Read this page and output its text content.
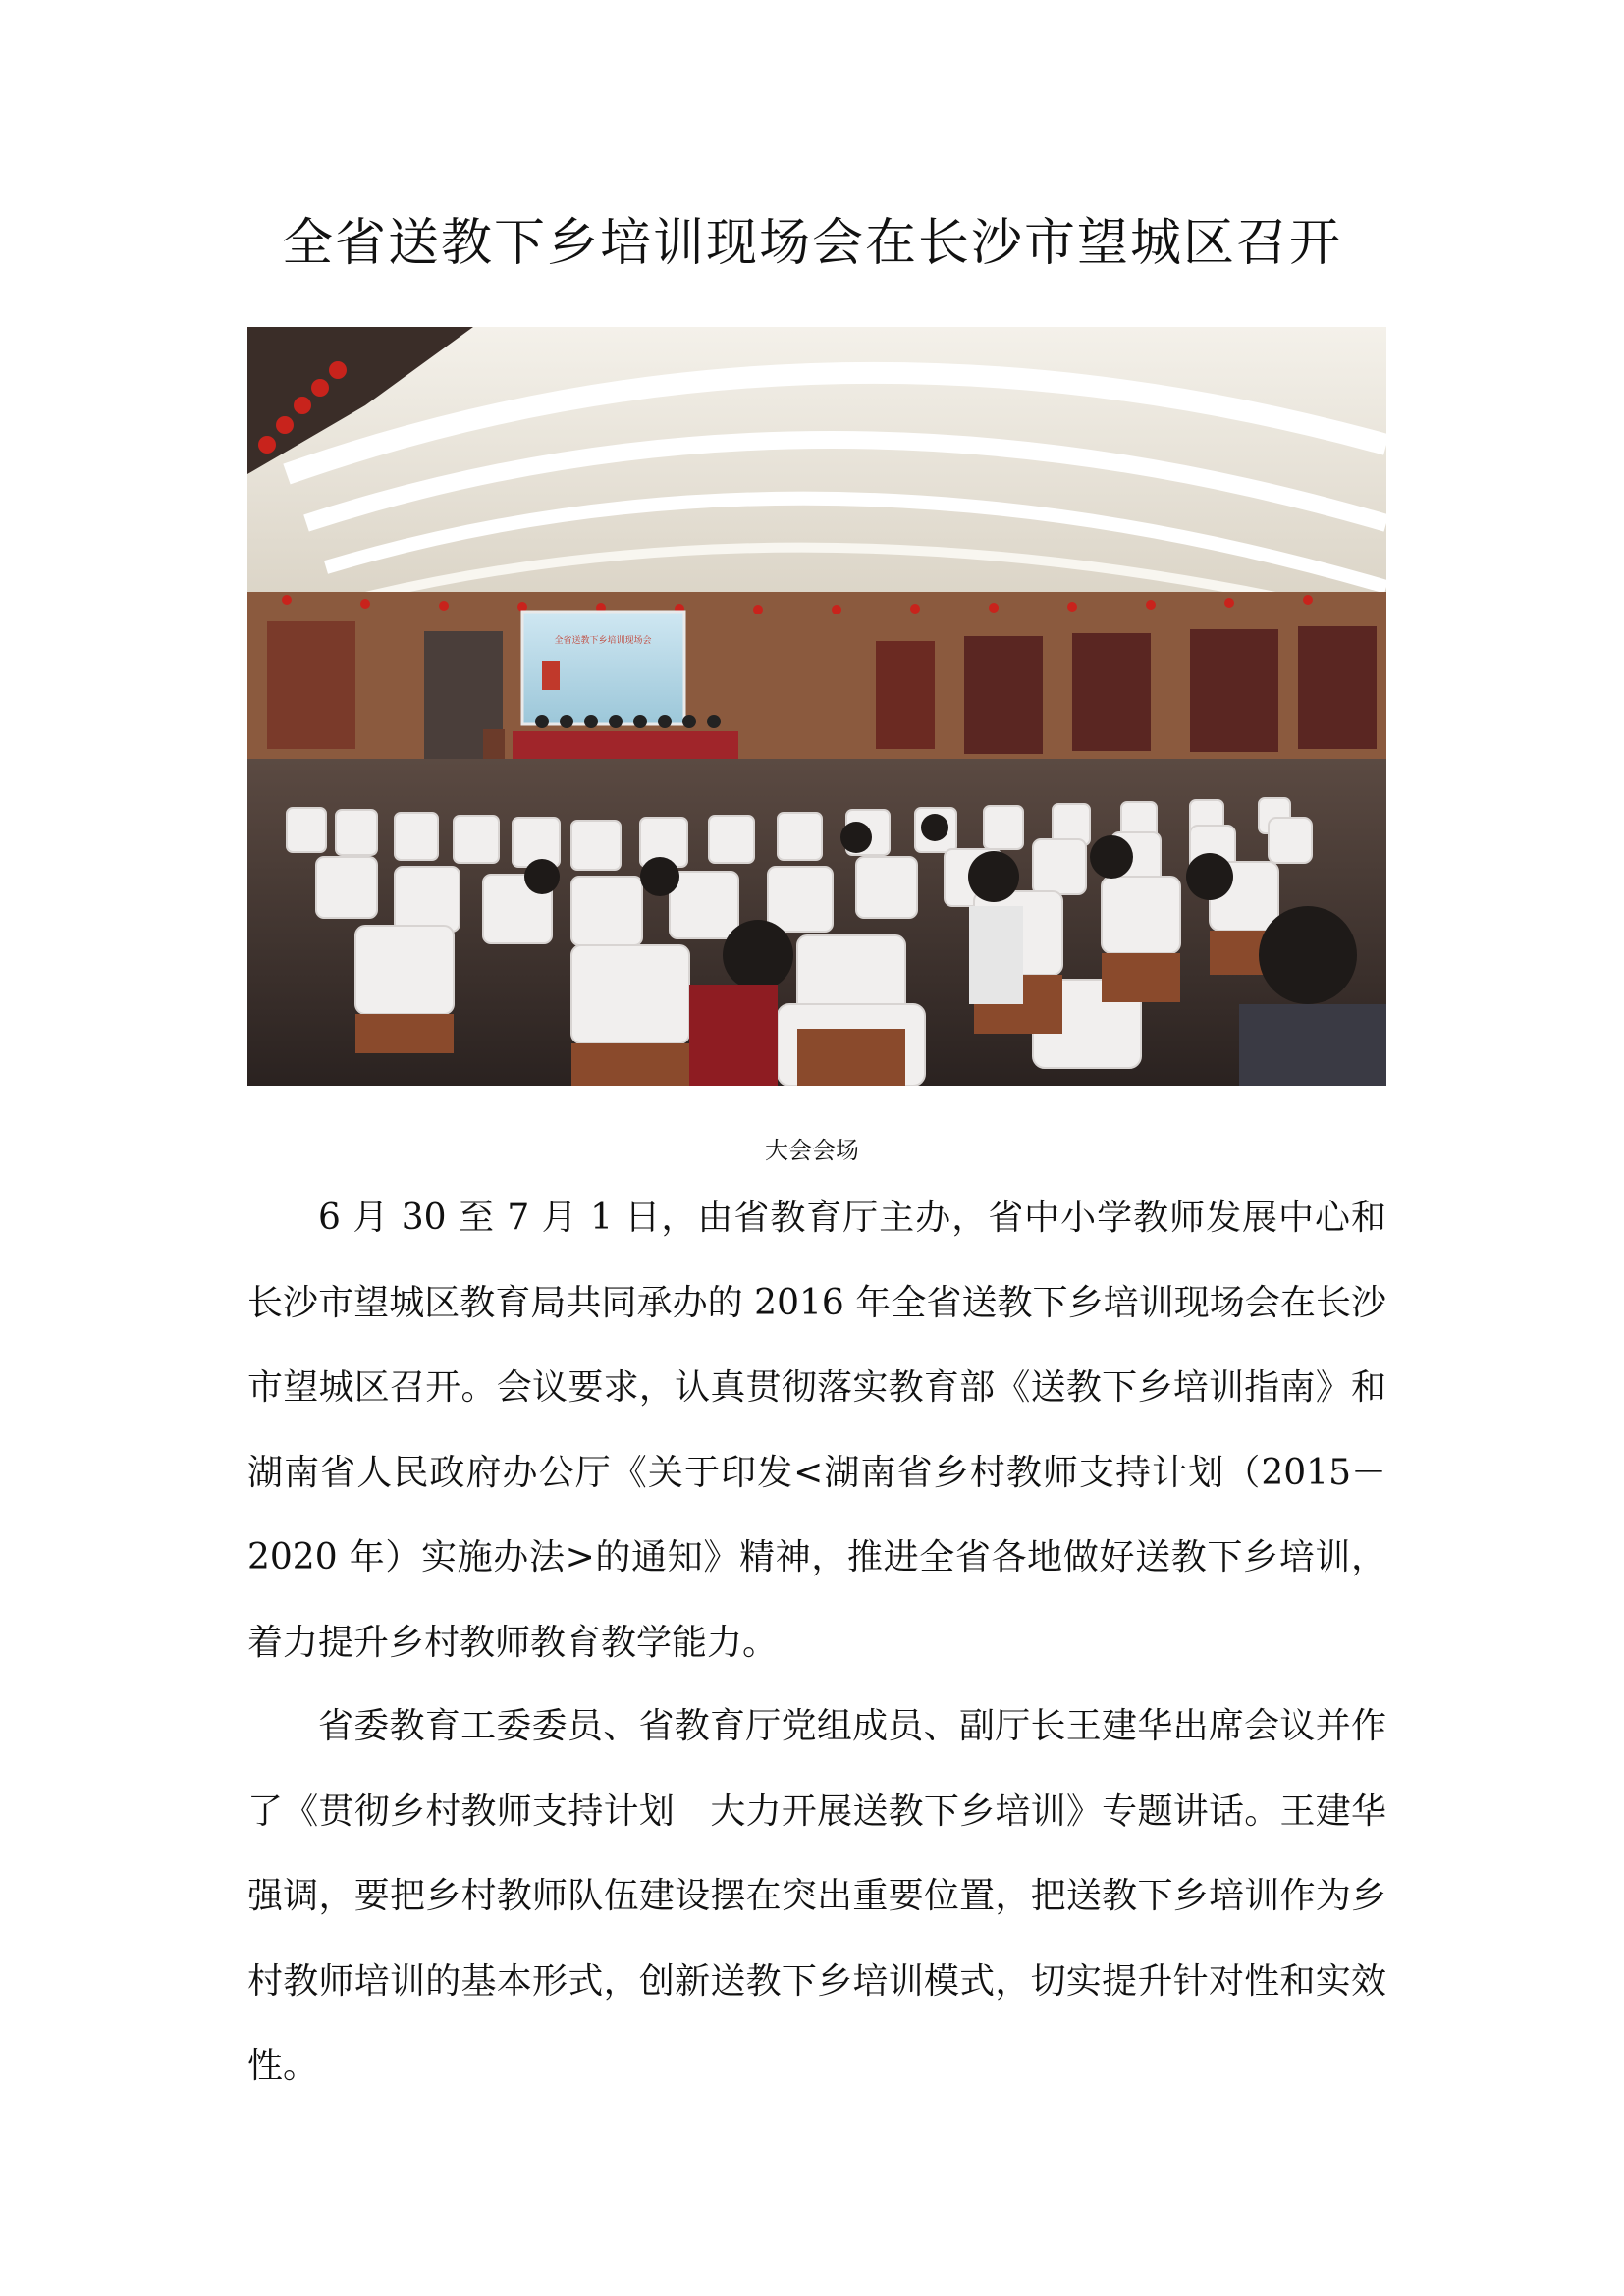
全省送教下乡培训现场会在长沙市望城区召开
全省送教下乡培训现场会
大会会场

6 月 30 至 7 月 1 日，由省教育厅主办，省中小学教师发展中心和长沙市望城区教育局共同承办的 2016 年全省送教下乡培训现场会在长沙市望城区召开。会议要求，认真贯彻落实教育部《送教下乡培训指南》和湖南省人民政府办公厅《关于印发<湖南省乡村教师支持计划（2015－2020 年）实施办法>的通知》精神，推进全省各地做好送教下乡培训，着力提升乡村教师教育教学能力。

省委教育工委委员、省教育厅党组成员、副厅长王建华出席会议并作了《贯彻乡村教师支持计划　大力开展送教下乡培训》专题讲话。王建华强调，要把乡村教师队伍建设摆在突出重要位置，把送教下乡培训作为乡村教师培训的基本形式，创新送教下乡培训模式，切实提升针对性和实效性。
